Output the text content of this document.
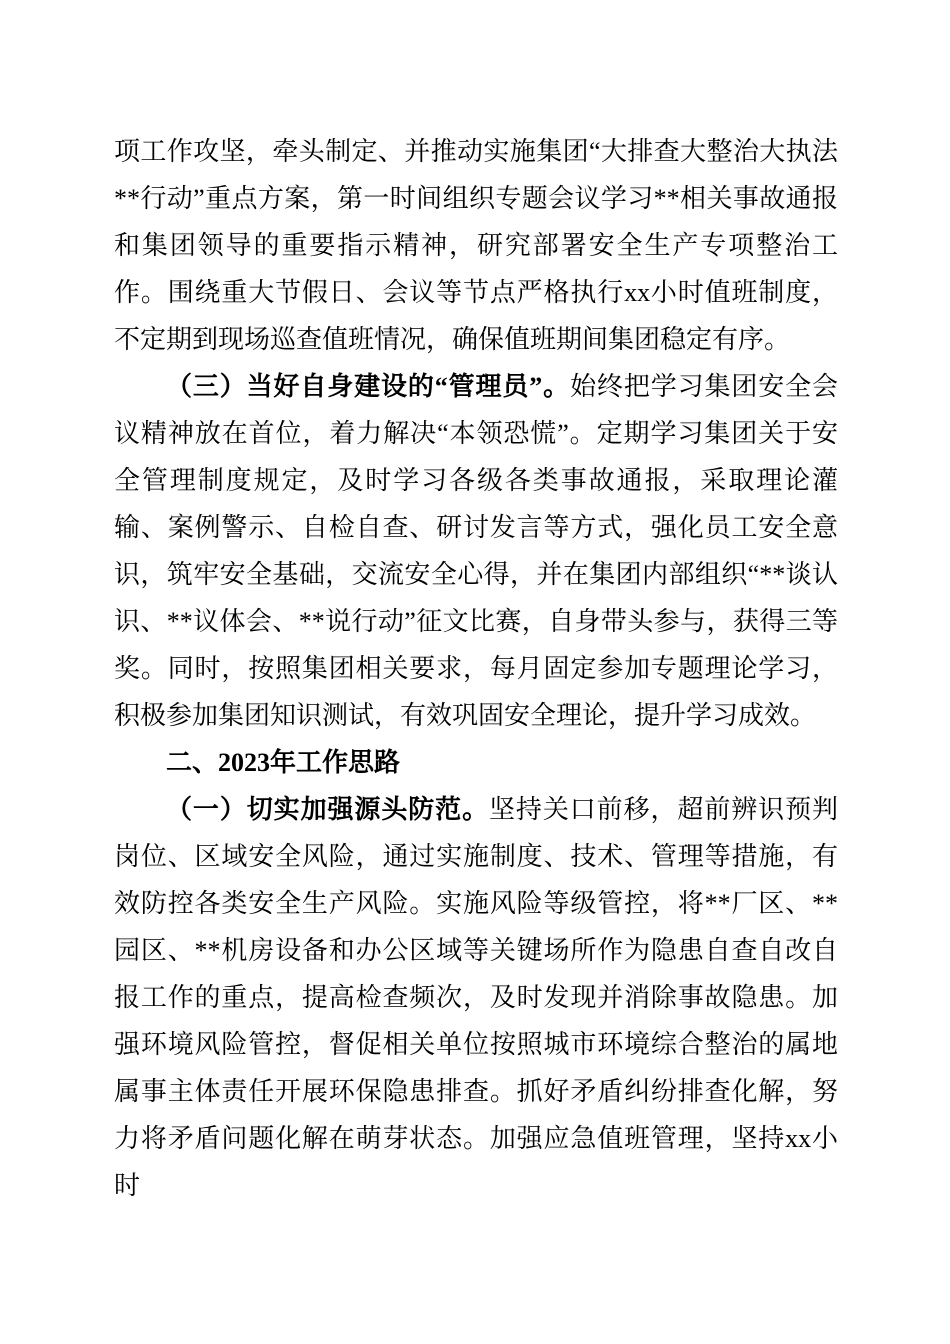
项工作攻坚，牵头制定、并推动实施集团“大排查大整治大执法**行动”重点方案，第一时间组织专题会议学习**相关事故通报和集团领导的重要指示精神，研究部署安全生产专项整治工作。围绕重大节假日、会议等节点严格执行xx小时值班制度，不定期到现场巡查值班情况，确保值班期间集团稳定有序。

（三）当好自身建设的“管理员”。始终把学习集团安全会议精神放在首位，着力解决“本领恐慌”。定期学习集团关于安全管理制度规定，及时学习各级各类事故通报，采取理论灌输、案例警示、自检自查、研讨发言等方式，强化员工安全意识，筑牢安全基础，交流安全心得，并在集团内部组织“**谈认识、**议体会、**说行动”征文比赛，自身带头参与，获得三等奖。同时，按照集团相关要求，每月固定参加专题理论学习，积极参加集团知识测试，有效巩固安全理论，提升学习成效。

二、2023年工作思路

（一）切实加强源头防范。坚持关口前移，超前辨识预判岗位、区域安全风险，通过实施制度、技术、管理等措施，有效防控各类安全生产风险。实施风险等级管控，将**厂区、**园区、**机房设备和办公区域等关键场所作为隐患自查自改自报工作的重点，提高检查频次，及时发现并消除事故隐患。加强环境风险管控，督促相关单位按照城市环境综合整治的属地属事主体责任开展环保隐患排查。抓好矛盾纠纷排查化解，努力将矛盾问题化解在萌芽状态。加强应急值班管理，坚持xx小时
